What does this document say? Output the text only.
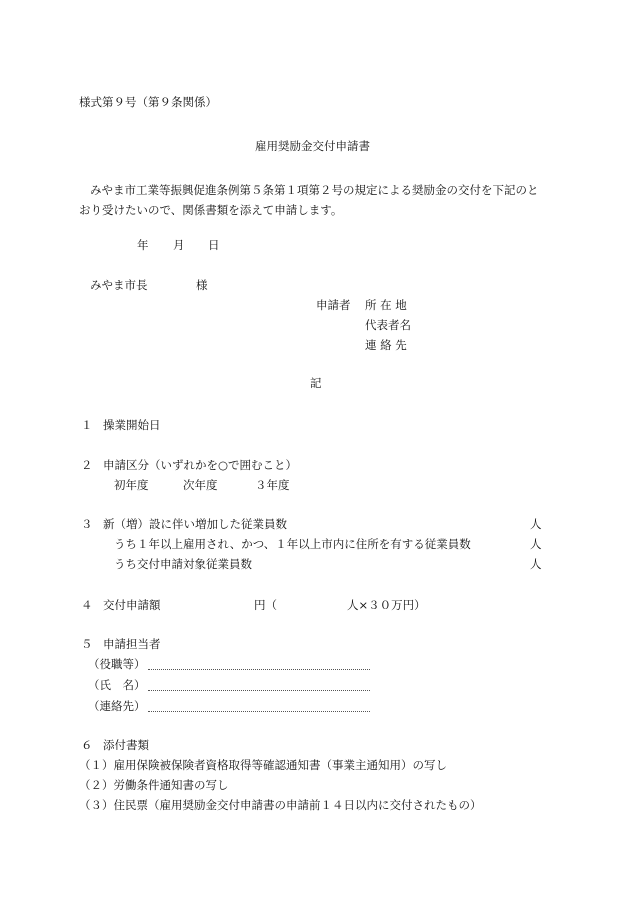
様式第９号（第９条関係）
雇用奨励金交付申請書
みやま市工業等振興促進条例第５条第１項第２号の規定による奨励金の交付を下記のと
おり受けたいので、関係書類を添えて申請します。
年 月 日
みやま市長	様
申請者 所 在 地
代表者名
連 絡 先
記
１ 操業開始日
２ 申請区分（いずれかを○で囲むこと）
初年度	次年度	３年度
３ 新（増）設に伴い増加した従業員数	人
うち１年以上雇用され、かつ、１年以上市内に住所を有する従業員数	人
うち交付申請対象従業員数	人
４ 交付申請額	円（	人×３０万円）
５ 申請担当者
（役職等）
（氏　名）
（連絡先）
６ 添付書類
（１）雇用保険被保険者資格取得等確認通知書（事業主通知用）の写し
（２）労働条件通知書の写し
（３）住民票（雇用奨励金交付申請書の申請前１４日以内に交付されたもの）
